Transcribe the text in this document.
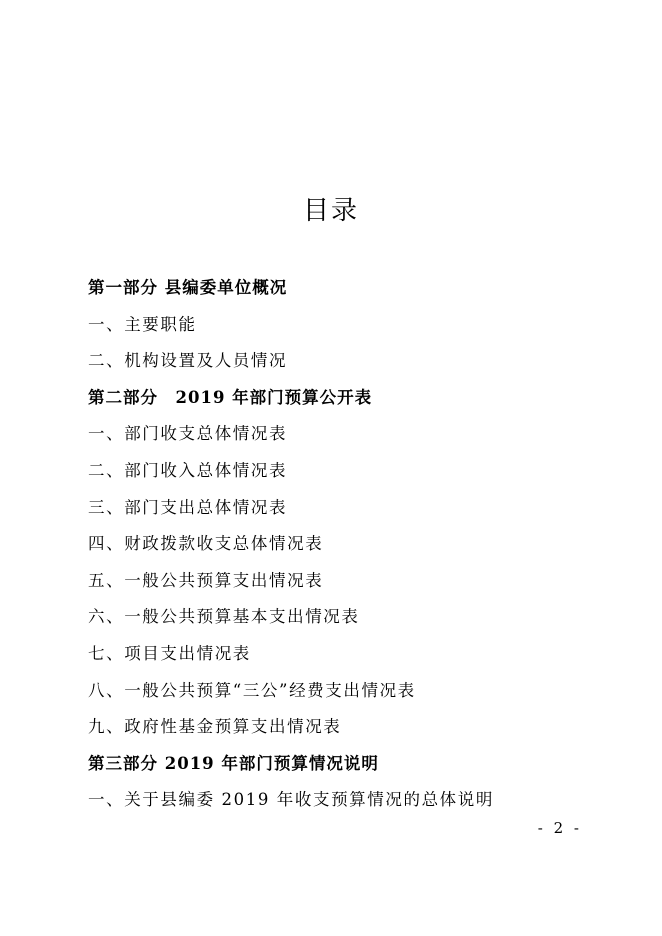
目录
第一部分 县编委单位概况
一、主要职能
二、机构设置及人员情况
第二部分　2019 年部门预算公开表
一、部门收支总体情况表
二、部门收入总体情况表
三、部门支出总体情况表
四、财政拨款收支总体情况表
五、一般公共预算支出情况表
六、一般公共预算基本支出情况表
七、项目支出情况表
八、一般公共预算“三公”经费支出情况表
九、政府性基金预算支出情况表
第三部分 2019 年部门预算情况说明
一、关于县编委 2019 年收支预算情况的总体说明
- 2 -
